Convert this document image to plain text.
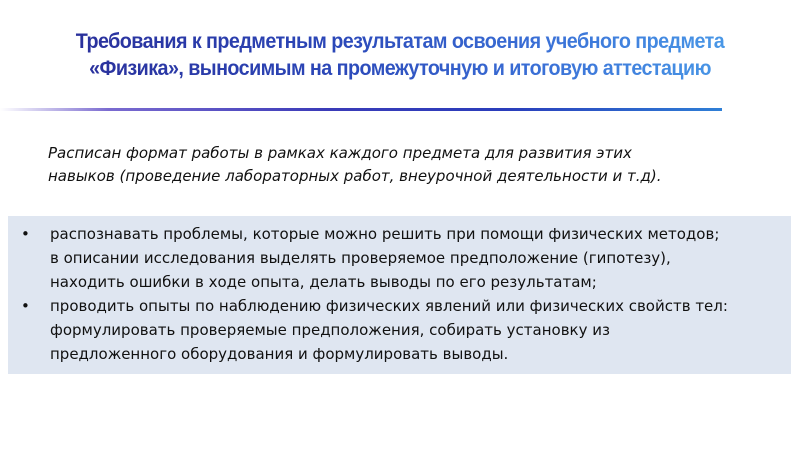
Требования к предметным результатам освоения учебного предмета
«Физика», выносимым на промежуточную и итоговую аттестацию
Расписан формат работы в рамках каждого предмета для развития этих
навыков (проведение лабораторных работ, внеурочной деятельности и т.д).
• распознавать проблемы, которые можно решить при помощи физических методов;
в описании исследования выделять проверяемое предположение (гипотезу),
находить ошибки в ходе опыта, делать выводы по его результатам;
• проводить опыты по наблюдению физических явлений или физических свойств тел:
формулировать проверяемые предположения, собирать установку из
предложенного оборудования и формулировать выводы.
